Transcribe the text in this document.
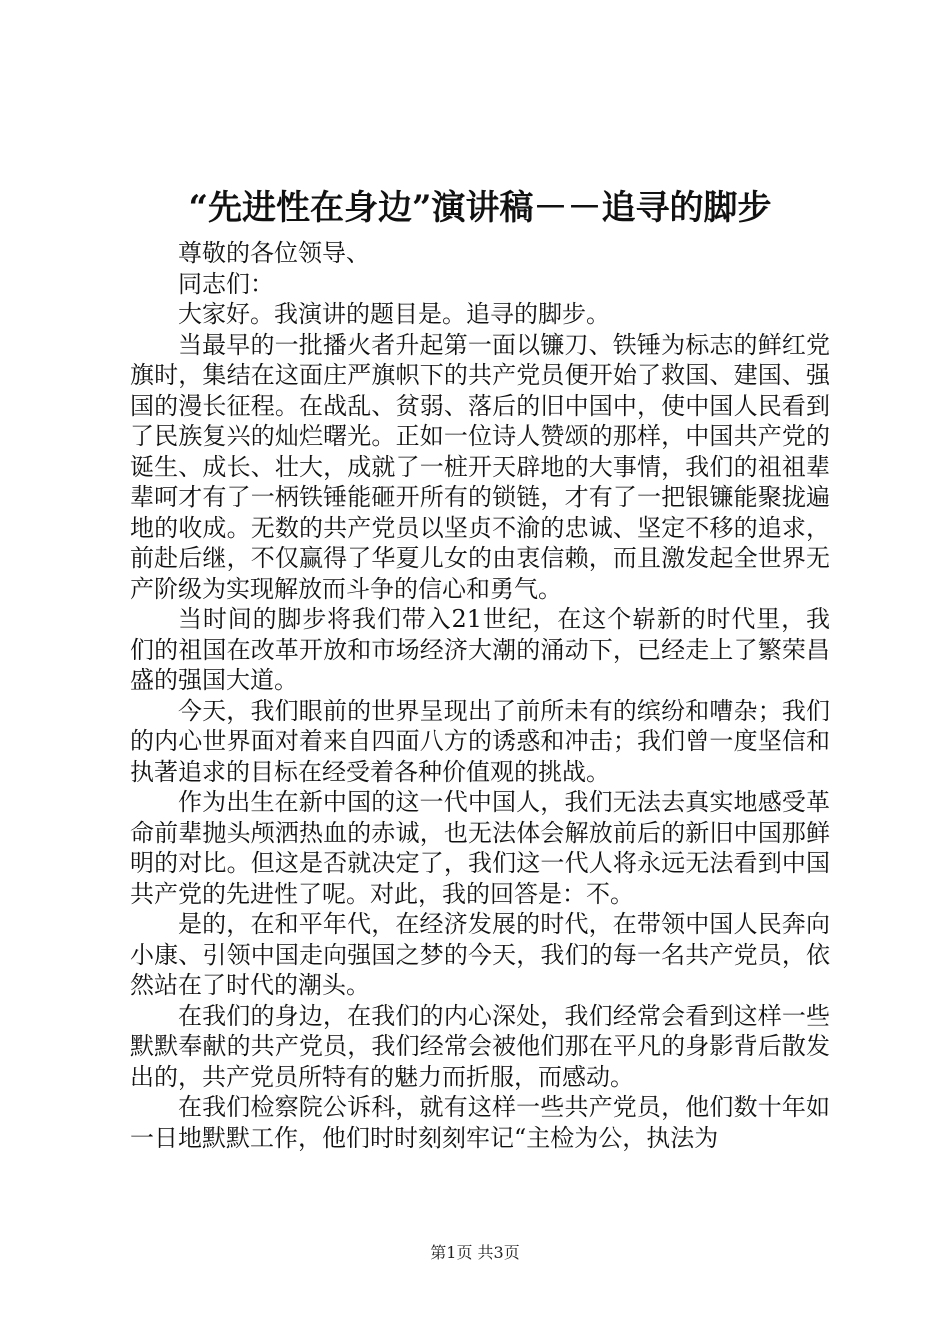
“先进性在身边”演讲稿－－追寻的脚步

尊敬的各位领导、

同志们：

大家好。我演讲的题目是。追寻的脚步。

当最早的一批播火者升起第一面以镰刀、铁锤为标志的鲜红党旗时，集结在这面庄严旗帜下的共产党员便开始了救国、建国、强国的漫长征程。在战乱、贫弱、落后的旧中国中，使中国人民看到了民族复兴的灿烂曙光。正如一位诗人赞颂的那样，中国共产党的诞生、成长、壮大，成就了一桩开天辟地的大事情，我们的祖祖辈辈呵才有了一柄铁锤能砸开所有的锁链，才有了一把银镰能聚拢遍地的收成。无数的共产党员以坚贞不渝的忠诚、坚定不移的追求，前赴后继，不仅赢得了华夏儿女的由衷信赖，而且激发起全世界无产阶级为实现解放而斗争的信心和勇气。

当时间的脚步将我们带入21世纪，在这个崭新的时代里，我们的祖国在改革开放和市场经济大潮的涌动下，已经走上了繁荣昌盛的强国大道。

今天，我们眼前的世界呈现出了前所未有的缤纷和嘈杂；我们的内心世界面对着来自四面八方的诱惑和冲击；我们曾一度坚信和执著追求的目标在经受着各种价值观的挑战。

作为出生在新中国的这一代中国人，我们无法去真实地感受革命前辈抛头颅洒热血的赤诚，也无法体会解放前后的新旧中国那鲜明的对比。但这是否就决定了，我们这一代人将永远无法看到中国共产党的先进性了呢。对此，我的回答是：不。

是的，在和平年代，在经济发展的时代，在带领中国人民奔向小康、引领中国走向强国之梦的今天，我们的每一名共产党员，依然站在了时代的潮头。

在我们的身边，在我们的内心深处，我们经常会看到这样一些默默奉献的共产党员，我们经常会被他们那在平凡的身影背后散发出的，共产党员所特有的魅力而折服，而感动。

在我们检察院公诉科，就有这样一些共产党员，他们数十年如一日地默默工作，他们时时刻刻牢记“主检为公，执法为

第1页 共3页
